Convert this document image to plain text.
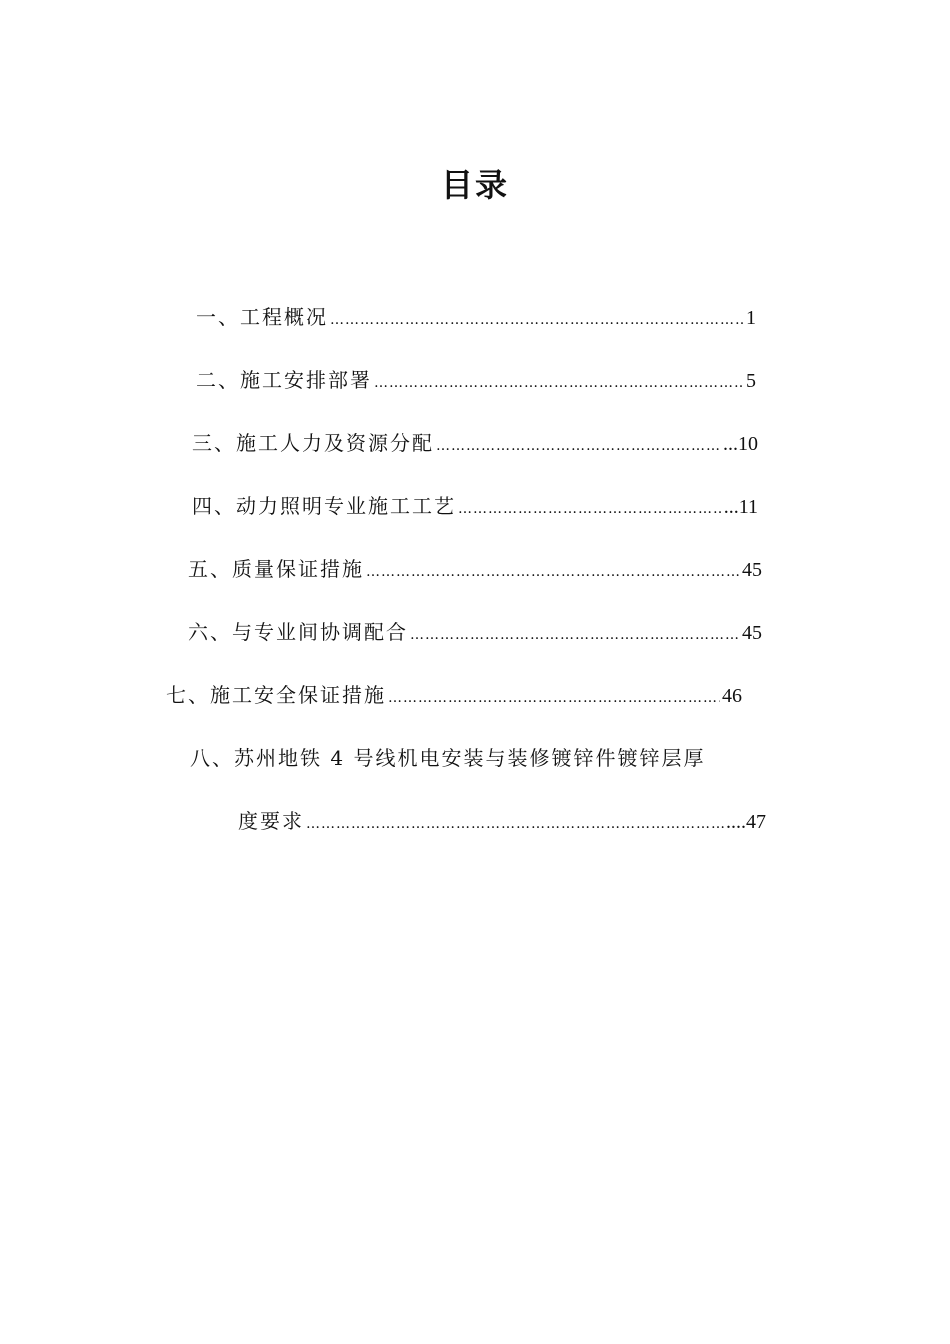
目录
一、工程概况 …………………………………………………………………………………………………………………………………………………	1
二、施工安排部署 …………………………………………………………………………………………………………………………………………………	5
三、施工人力及资源分配 …………………………………………………………………………………………………………………………………………………	...10
四、动力照明专业施工工艺 …………………………………………………………………………………………………………………………………………………	...11
五、质量保证措施 …………………………………………………………………………………………………………………………………………………	45
六、与专业间协调配合 …………………………………………………………………………………………………………………………………………………	45
七、施工安全保证措施 …………………………………………………………………………………………………………………………………………………	46
八、苏州地铁 4 号线机电安装与装修镀锌件镀锌层厚
度要求 …………………………………………………………………………………………………………………………………………………	....47
